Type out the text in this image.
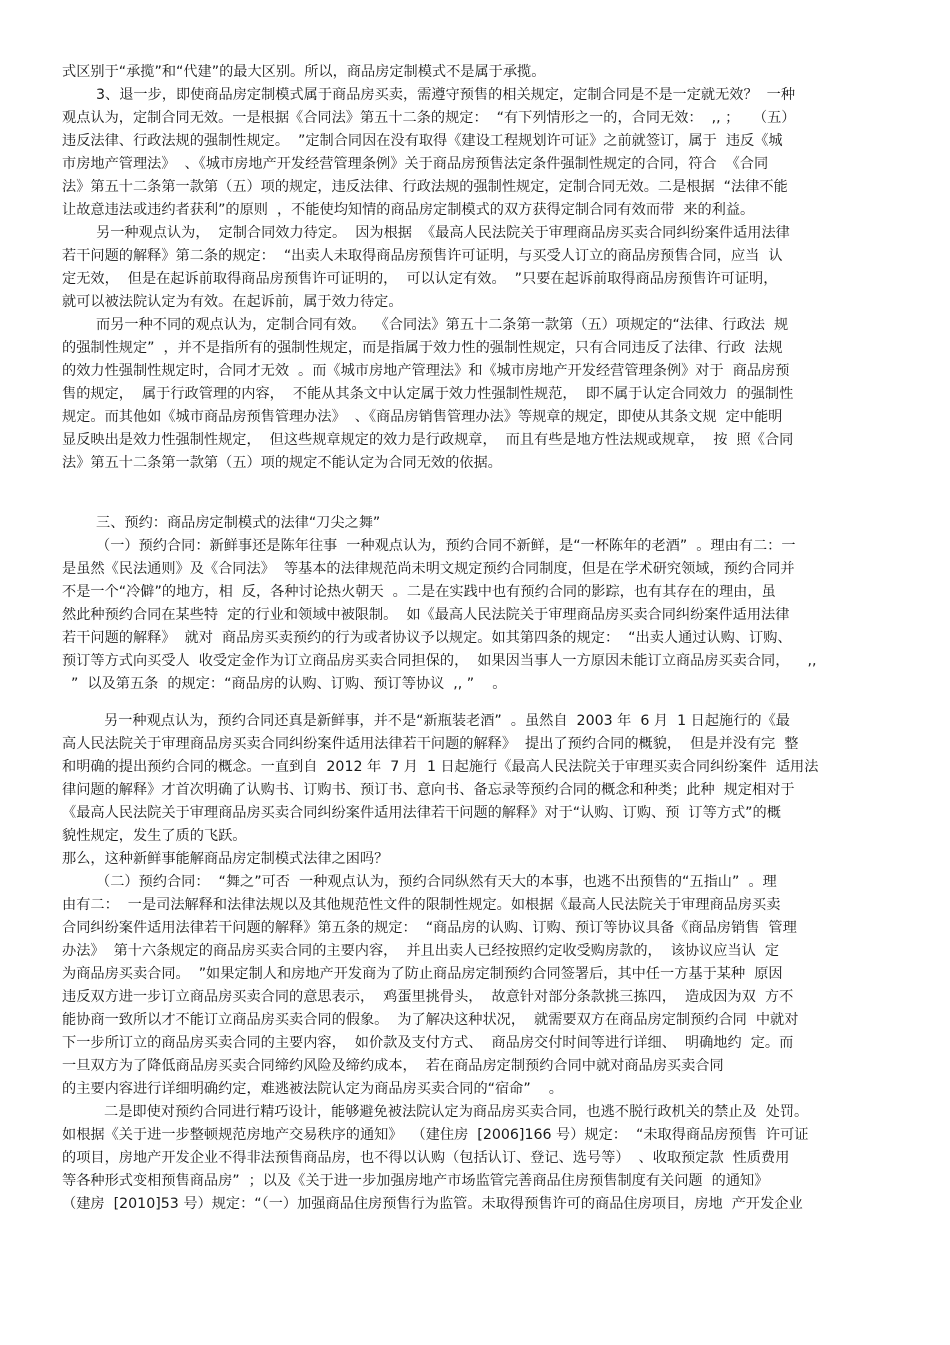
式区别于“承揽”和“代建”的最大区别。所以，商品房定制模式不是属于承揽。
3、退一步，即使商品房定制模式属于商品房买卖，需遵守预售的相关规定，定制合同是不是一定就无效？  一种
观点认为，定制合同无效。一是根据《合同法》第五十二条的规定：  “有下列情形之一的，合同无效：  ,, ；   （五）
违反法律、行政法规的强制性规定。  ”定制合同因在没有取得《建设工程规划许可证》之前就签订，属于  违反《城
市房地产管理法》  、《城市房地产开发经营管理条例》关于商品房预售法定条件强制性规定的合同，符合  《合同
法》第五十二条第一款第（五）项的规定，违反法律、行政法规的强制性规定，定制合同无效。二是根据  “法律不能
让故意违法或违约者获利”的原则  ，不能使均知情的商品房定制模式的双方获得定制合同有效而带  来的利益。
另一种观点认为，  定制合同效力待定。  因为根据  《最高人民法院关于审理商品房买卖合同纠纷案件适用法律
若干问题的解释》第二条的规定：  “出卖人未取得商品房预售许可证明，与买受人订立的商品房预售合同，应当  认
定无效，  但是在起诉前取得商品房预售许可证明的，  可以认定有效。  ”只要在起诉前取得商品房预售许可证明，
就可以被法院认定为有效。在起诉前，属于效力待定。
而另一种不同的观点认为，定制合同有效。  《合同法》第五十二条第一款第（五）项规定的“法律、行政法  规
的强制性规定”  ，并不是指所有的强制性规定，而是指属于效力性的强制性规定，只有合同违反了法律、行政  法规
的效力性强制性规定时，合同才无效  。而《城市房地产管理法》和《城市房地产开发经营管理条例》对于  商品房预
售的规定，  属于行政管理的内容，  不能从其条文中认定属于效力性强制性规范，  即不属于认定合同效力  的强制性
规定。而其他如《城市商品房预售管理办法》  、《商品房销售管理办法》等规章的规定，即使从其条文规  定中能明
显反映出是效力性强制性规定，  但这些规章规定的效力是行政规章，  而且有些是地方性法规或规章，  按  照《合同
法》第五十二条第一款第（五）项的规定不能认定为合同无效的依据。
三、预约：商品房定制模式的法律“刀尖之舞”
（一）预约合同：新鲜事还是陈年往事  一种观点认为，预约合同不新鲜，是“一杯陈年的老酒”  。理由有二：一
是虽然《民法通则》及《合同法》  等基本的法律规范尚未明文规定预约合同制度，但是在学术研究领域，预约合同并
不是一个“冷僻”的地方，相  反，各种讨论热火朝天  。二是在实践中也有预约合同的影踪，也有其存在的理由，虽
然此种预约合同在某些特  定的行业和领域中被限制。  如《最高人民法院关于审理商品房买卖合同纠纷案件适用法律
若干问题的解释》  就对  商品房买卖预约的行为或者协议予以规定。如其第四条的规定：  “出卖人通过认购、订购、
预订等方式向买受人  收受定金作为订立商品房买卖合同担保的，  如果因当事人一方原因未能订立商品房买卖合同，    ,,
”  以及第五条  的规定：“商品房的认购、订购、预订等协议  ,, ”    。
另一种观点认为，预约合同还真是新鲜事，并不是“新瓶装老酒”  。虽然自  2003 年  6 月  1 日起施行的《最
高人民法院关于审理商品房买卖合同纠纷案件适用法律若干问题的解释》  提出了预约合同的概貌，  但是并没有完  整
和明确的提出预约合同的概念。一直到自  2012 年  7 月  1 日起施行《最高人民法院关于审理买卖合同纠纷案件  适用法
律问题的解释》才首次明确了认购书、订购书、预订书、意向书、备忘录等预约合同的概念和种类；此种  规定相对于
《最高人民法院关于审理商品房买卖合同纠纷案件适用法律若干问题的解释》对于“认购、订购、预  订等方式”的概
貌性规定，发生了质的飞跃。
那么，这种新鲜事能解商品房定制模式法律之困吗？
（二）预约合同：  “舞之”可否  一种观点认为，预约合同纵然有天大的本事，也逃不出预售的“五指山”  。理
由有二：  一是司法解释和法律法规以及其他规范性文件的限制性规定。如根据《最高人民法院关于审理商品房买卖
合同纠纷案件适用法律若干问题的解释》第五条的规定：  “商品房的认购、订购、预订等协议具备《商品房销售  管理
办法》  第十六条规定的商品房买卖合同的主要内容，  并且出卖人已经按照约定收受购房款的，  该协议应当认  定
为商品房买卖合同。  ”如果定制人和房地产开发商为了防止商品房定制预约合同签署后，其中任一方基于某种  原因
违反双方进一步订立商品房买卖合同的意思表示，  鸡蛋里挑骨头，  故意针对部分条款挑三拣四，  造成因为双  方不
能协商一致所以才不能订立商品房买卖合同的假象。  为了解决这种状况，  就需要双方在商品房定制预约合同  中就对
下一步所订立的商品房买卖合同的主要内容，  如价款及支付方式、  商品房交付时间等进行详细、  明确地约  定。而
一旦双方为了降低商品房买卖合同缔约风险及缔约成本，  若在商品房定制预约合同中就对商品房买卖合同
的主要内容进行详细明确约定，难逃被法院认定为商品房买卖合同的“宿命”    。
二是即使对预约合同进行精巧设计，能够避免被法院认定为商品房买卖合同，也逃不脱行政机关的禁止及  处罚。
如根据《关于进一步整顿规范房地产交易秩序的通知》  （建住房  [2006]166 号）规定：  “未取得商品房预售  许可证
的项目，房地产开发企业不得非法预售商品房，也不得以认购（包括认订、登记、选号等）  、收取预定款  性质费用
等各种形式变相预售商品房”  ；以及《关于进一步加强房地产市场监管完善商品住房预售制度有关问题  的通知》
（建房  [2010]53 号）规定：“（一）加强商品住房预售行为监管。未取得预售许可的商品住房项目，房地  产开发企业
